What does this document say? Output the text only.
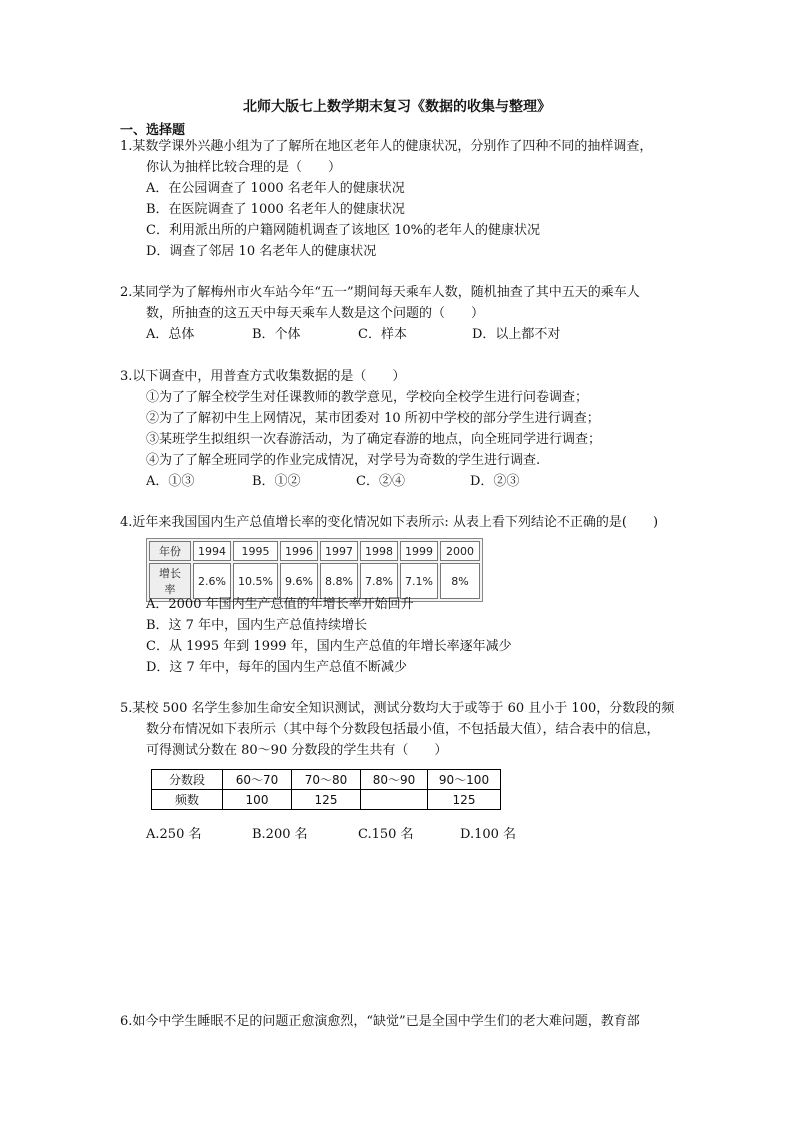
北师大版七上数学期末复习《数据的收集与整理》
一、选择题
1.某数学课外兴趣小组为了了解所在地区老年人的健康状况，分别作了四种不同的抽样调查，
你认为抽样比较合理的是（　　）
A．在公园调查了 1000 名老年人的健康状况
B．在医院调查了 1000 名老年人的健康状况
C．利用派出所的户籍网随机调查了该地区 10%的老年人的健康状况
D．调查了邻居 10 名老年人的健康状况
2.某同学为了解梅州市火车站今年“五一”期间每天乘车人数，随机抽查了其中五天的乘车人
数，所抽查的这五天中每天乘车人数是这个问题的（　　）
A．总体	B．个体	C．样本	D．以上都不对
3.以下调查中，用普查方式收集数据的是（　　）
①为了了解全校学生对任课教师的教学意见，学校向全校学生进行问卷调查；
②为了了解初中生上网情况，某市团委对 10 所初中学校的部分学生进行调查；
③某班学生拟组织一次春游活动，为了确定春游的地点，向全班同学进行调查；
④为了了解全班同学的作业完成情况，对学号为奇数的学生进行调查.
A．①③	B．①②	C．②④	D．②③
4.近年来我国国内生产总值增长率的变化情况如下表所示: 从表上看下列结论不正确的是(　　)
年份	1994	1995	1996	1997	1998	1999	2000
增长率	2.6%	10.5%	9.6%	8.8%	7.8%	7.1%	8%
A．2000 年国内生产总值的年增长率开始回升
B．这 7 年中，国内生产总值持续增长
C．从 1995 年到 1999 年，国内生产总值的年增长率逐年减少
D．这 7 年中，每年的国内生产总值不断减少
5.某校 500 名学生参加生命安全知识测试，测试分数均大于或等于 60 且小于 100，分数段的频
数分布情况如下表所示（其中每个分数段包括最小值，不包括最大值），结合表中的信息，
可得测试分数在 80～90 分数段的学生共有（　　）
分数段	60～70	70～80	80～90	90～100
频数	100	125		125
A.250 名	B.200 名	C.150 名	D.100 名
6.如今中学生睡眠不足的问题正愈演愈烈，“缺觉”已是全国中学生们的老大难问题，教育部
